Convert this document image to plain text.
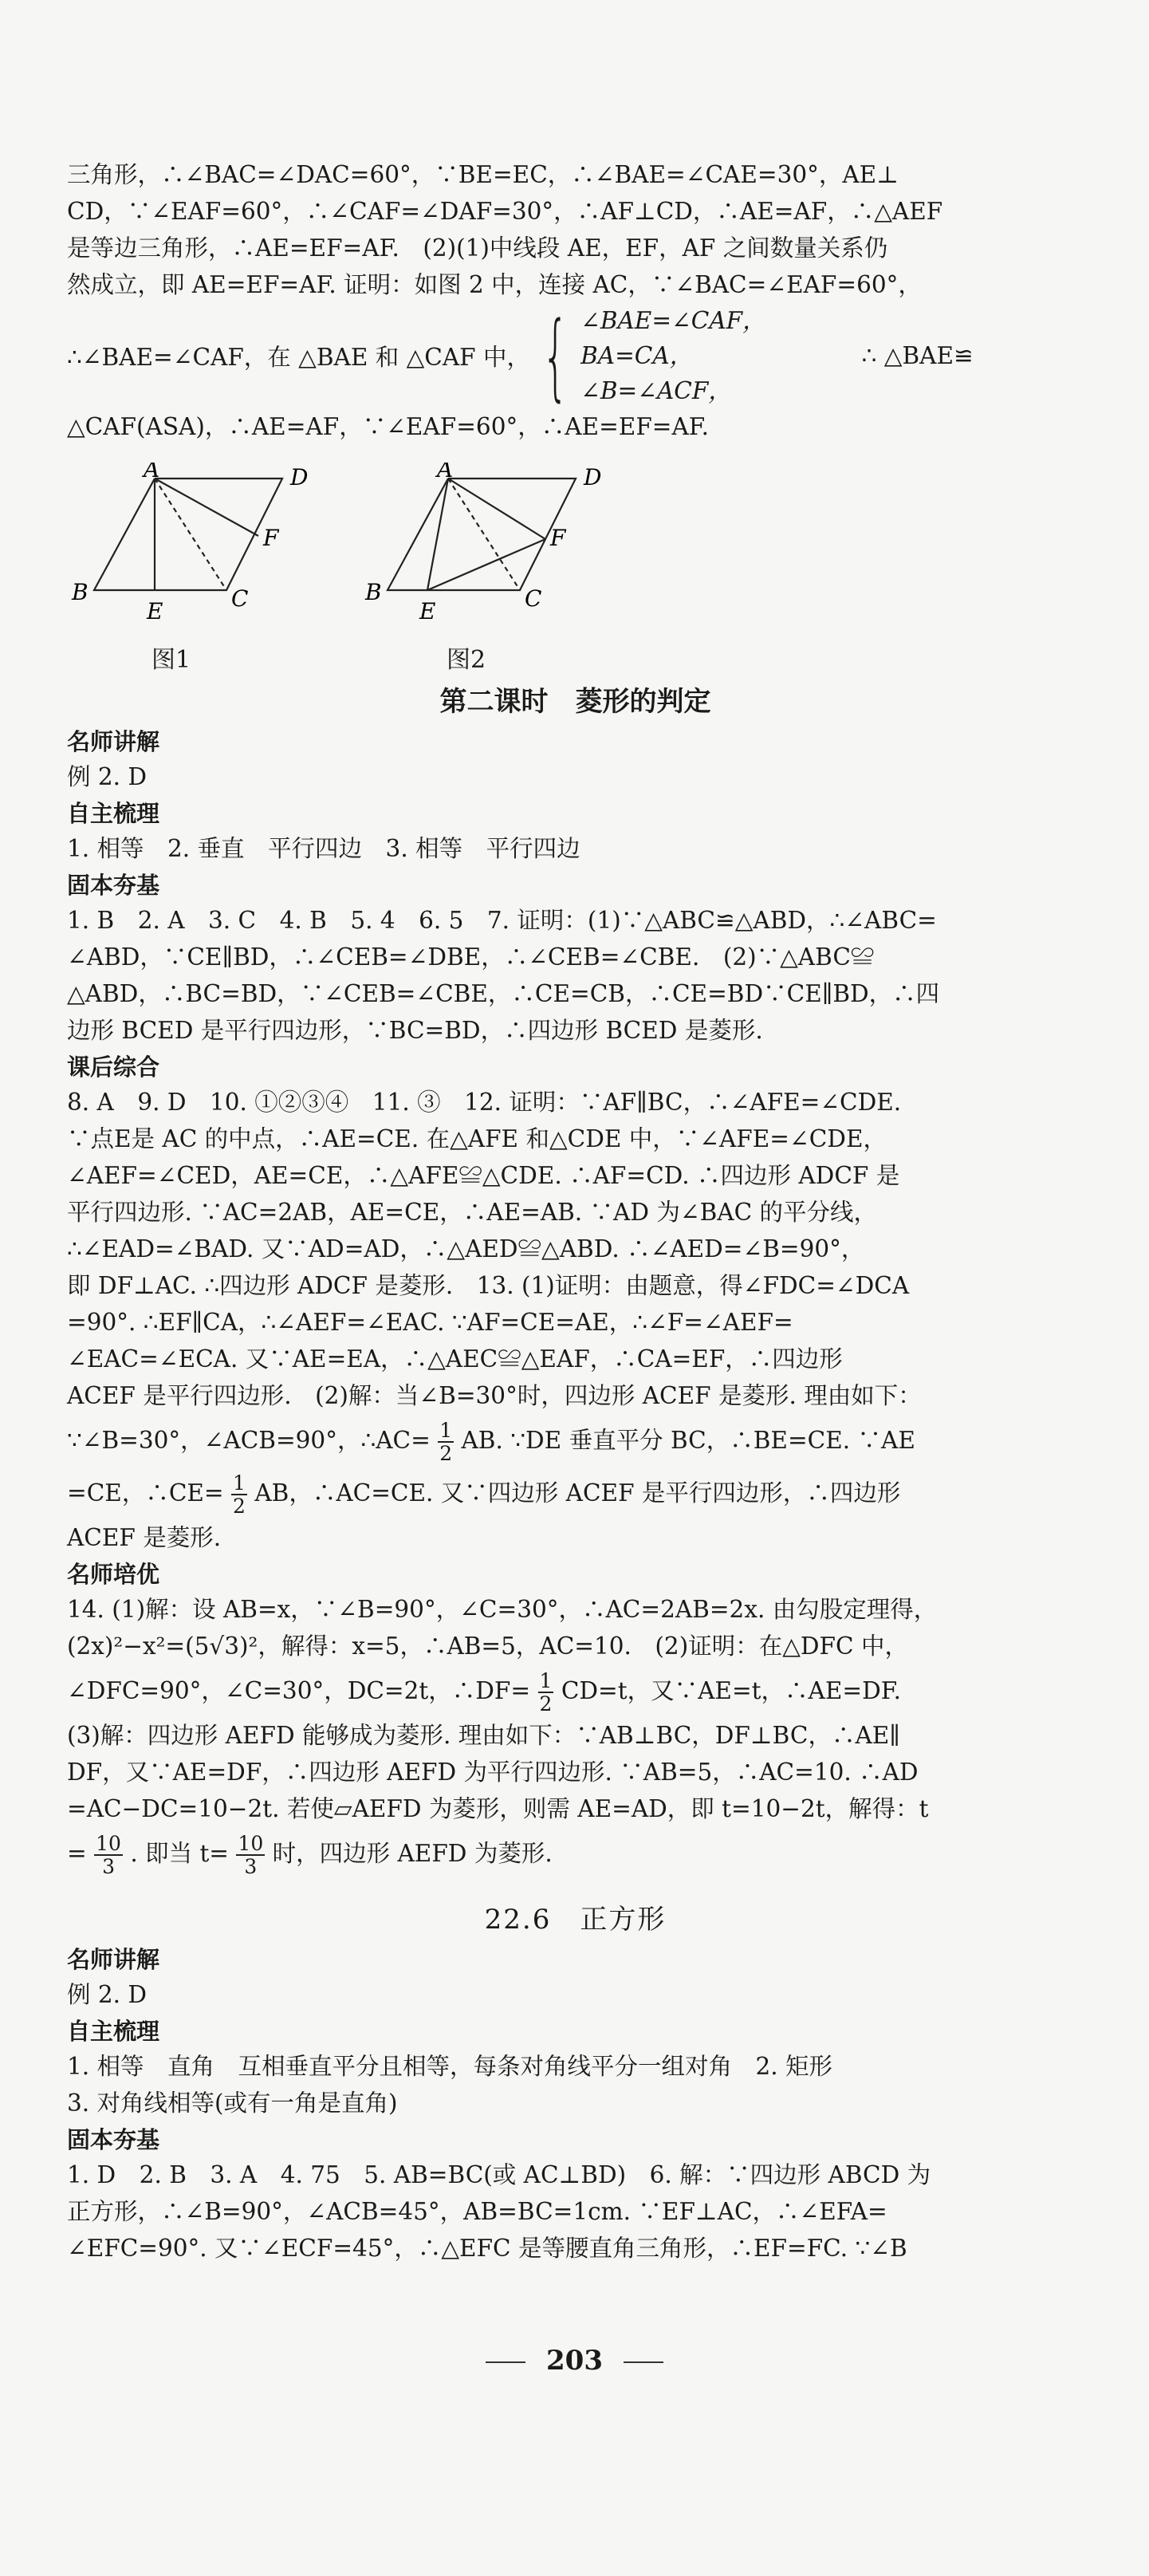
三角形，∴∠BAC=∠DAC=60°，∵BE=EC，∴∠BAE=∠CAE=30°，AE⊥

CD，∵∠EAF=60°，∴∠CAF=∠DAF=30°，∴AF⊥CD，∴AE=AF，∴△AEF

是等边三角形，∴AE=EF=AF.　(2)(1)中线段 AE，EF，AF 之间数量关系仍

然成立，即 AE=EF=AF. 证明：如图 2 中，连接 AC，∵∠BAC=∠EAF=60°，

∴∠BAE=∠CAF，在 △BAE 和 △CAF 中， { ∠BAE=∠CAF，
BA=CA，
∠B=∠ACF，
∴ △BAE≌

△CAF(ASA)，∴AE=AF，∵∠EAF=60°，∴AE=EF=AF.

A	D
B
E	C
F
图1
A	D
B
E	C
F
图2

第二课时　菱形的判定

名师讲解

例 2. D

自主梳理

1. 相等　2. 垂直　平行四边　3. 相等　平行四边

固本夯基

1. B　2. A　3. C　4. B　5. 4　6. 5　7. 证明：(1)∵△ABC≌△ABD，∴∠ABC=

∠ABD，∵CE∥BD，∴∠CEB=∠DBE，∴∠CEB=∠CBE.　(2)∵△ABC≌

△ABD，∴BC=BD，∵∠CEB=∠CBE，∴CE=CB，∴CE=BD∵CE∥BD，∴四

边形 BCED 是平行四边形，∵BC=BD，∴四边形 BCED 是菱形.

课后综合

8. A　9. D　10. ①②③④　11. ③　12. 证明：∵AF∥BC，∴∠AFE=∠CDE.

∵点E是 AC 的中点，∴AE=CE. 在△AFE 和△CDE 中，∵∠AFE=∠CDE，

∠AEF=∠CED，AE=CE，∴△AFE≌△CDE. ∴AF=CD. ∴四边形 ADCF 是

平行四边形. ∵AC=2AB，AE=CE，∴AE=AB. ∵AD 为∠BAC 的平分线，

∴∠EAD=∠BAD. 又∵AD=AD，∴△AED≌△ABD. ∴∠AED=∠B=90°，

即 DF⊥AC. ∴四边形 ADCF 是菱形.　13. (1)证明：由题意，得∠FDC=∠DCA

=90°. ∴EF∥CA，∴∠AEF=∠EAC. ∵AF=CE=AE，∴∠F=∠AEF=

∠EAC=∠ECA. 又∵AE=EA，∴△AEC≌△EAF，∴CA=EF，∴四边形

ACEF 是平行四边形.　(2)解：当∠B=30°时，四边形 ACEF 是菱形. 理由如下：

∵∠B=30°，∠ACB=90°，∴AC= $\frac{1}{2}$ AB. ∵DE 垂直平分 BC，∴BE=CE. ∵AE

=CE，∴CE= $\frac{1}{2}$ AB，∴AC=CE. 又∵四边形 ACEF 是平行四边形，∴四边形

ACEF 是菱形.

名师培优

14. (1)解：设 AB=x，∵∠B=90°，∠C=30°，∴AC=2AB=2x. 由勾股定理得，

(2x)²−x²=(5√3)²，解得：x=5，∴AB=5，AC=10.　(2)证明：在△DFC 中，

∠DFC=90°，∠C=30°，DC=2t，∴DF= $\frac{1}{2} CD=t$，又∵AE=t，∴AE=DF.

(3)解：四边形 AEFD 能够成为菱形. 理由如下：∵AB⊥BC，DF⊥BC，∴AE∥

DF，又∵AE=DF，∴四边形 AEFD 为平行四边形. ∵AB=5，∴AC=10. ∴AD

=AC−DC=10−2t. 若使▱AEFD 为菱形，则需 AE=AD，即 t=10−2t，解得：t

= $\frac{10}{3}$ . 即当 $t= \frac{10}{3}$ 时，四边形 AEFD 为菱形.

22.6　正方形

名师讲解

例 2. D

自主梳理

1. 相等　直角　互相垂直平分且相等，每条对角线平分一组对角　2. 矩形

3. 对角线相等(或有一角是直角)

固本夯基

1. D　2. B　3. A　4. 75　5. AB=BC(或 AC⊥BD)　6. 解：∵四边形 ABCD 为

正方形，∴∠B=90°，∠ACB=45°，AB=BC=1cm. ∵EF⊥AC，∴∠EFA=

∠EFC=90°. 又∵∠ECF=45°，∴△EFC 是等腰直角三角形，∴EF=FC. ∵∠B

203
